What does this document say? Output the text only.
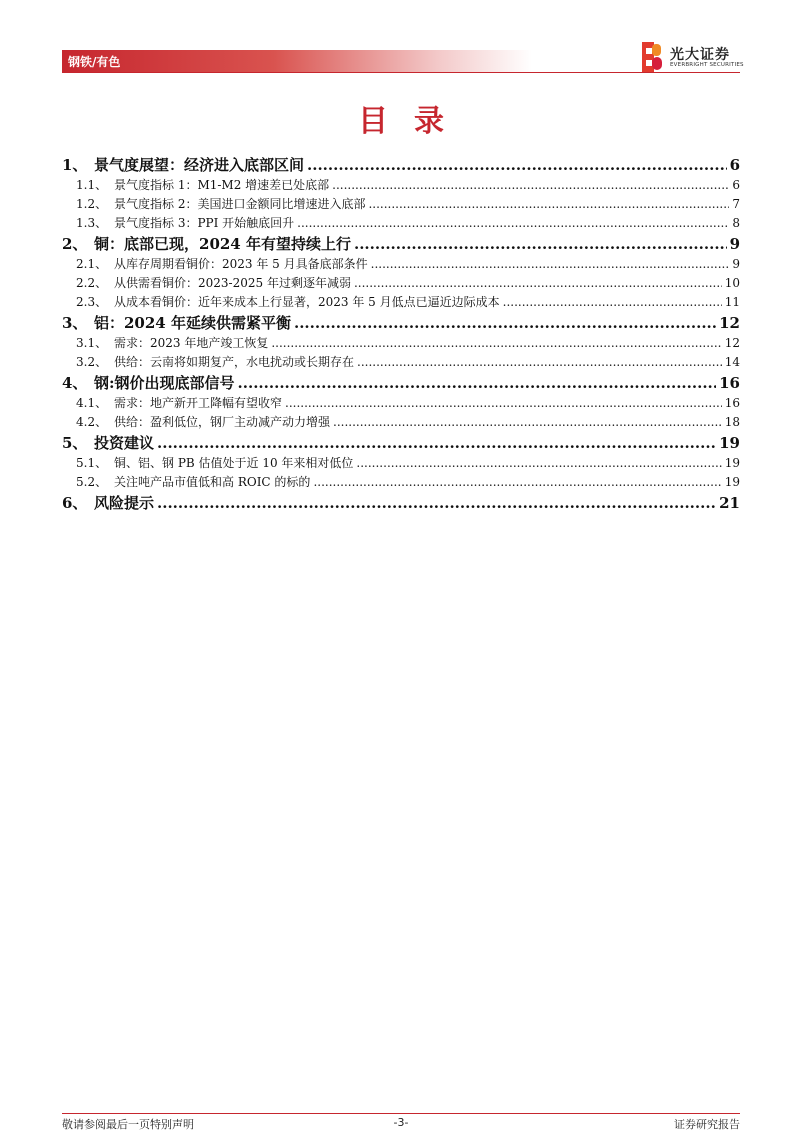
钢铁/有色	光大证券
EVERBRIGHT SECURITIES
目录
1、 景气度展望：经济进入底部区间 .....	6
1.1、 景气度指标 1：M1-M2 增速差已处底部 .....	6
1.2、 景气度指标 2：美国进口金额同比增速进入底部 .....	7
1.3、 景气度指标 3：PPI 开始触底回升 .....	8
2、 铜：底部已现，2024 年有望持续上行 .....	9
2.1、 从库存周期看铜价：2023 年 5 月具备底部条件 .....	9
2.2、 从供需看铜价：2023-2025 年过剩逐年减弱 .....	10
2.3、 从成本看铜价：近年来成本上行显著，2023 年 5 月低点已逼近边际成本 .....	11
3、 铝：2024 年延续供需紧平衡 .....	12
3.1、 需求：2023 年地产竣工恢复 .....	12
3.2、 供给：云南将如期复产，水电扰动或长期存在 .....	14
4、 钢:钢价出现底部信号 .....	16
4.1、 需求：地产新开工降幅有望收窄 .....	16
4.2、 供给：盈利低位，钢厂主动减产动力增强 .....	18
5、 投资建议 .....	19
5.1、 铜、铝、钢 PB 估值处于近 10 年来相对低位 .....	19
5.2、 关注吨产品市值低和高 ROIC 的标的 .....	19
6、 风险提示 .....	21
敬请参阅最后一页特别声明	-3-	证券研究报告
